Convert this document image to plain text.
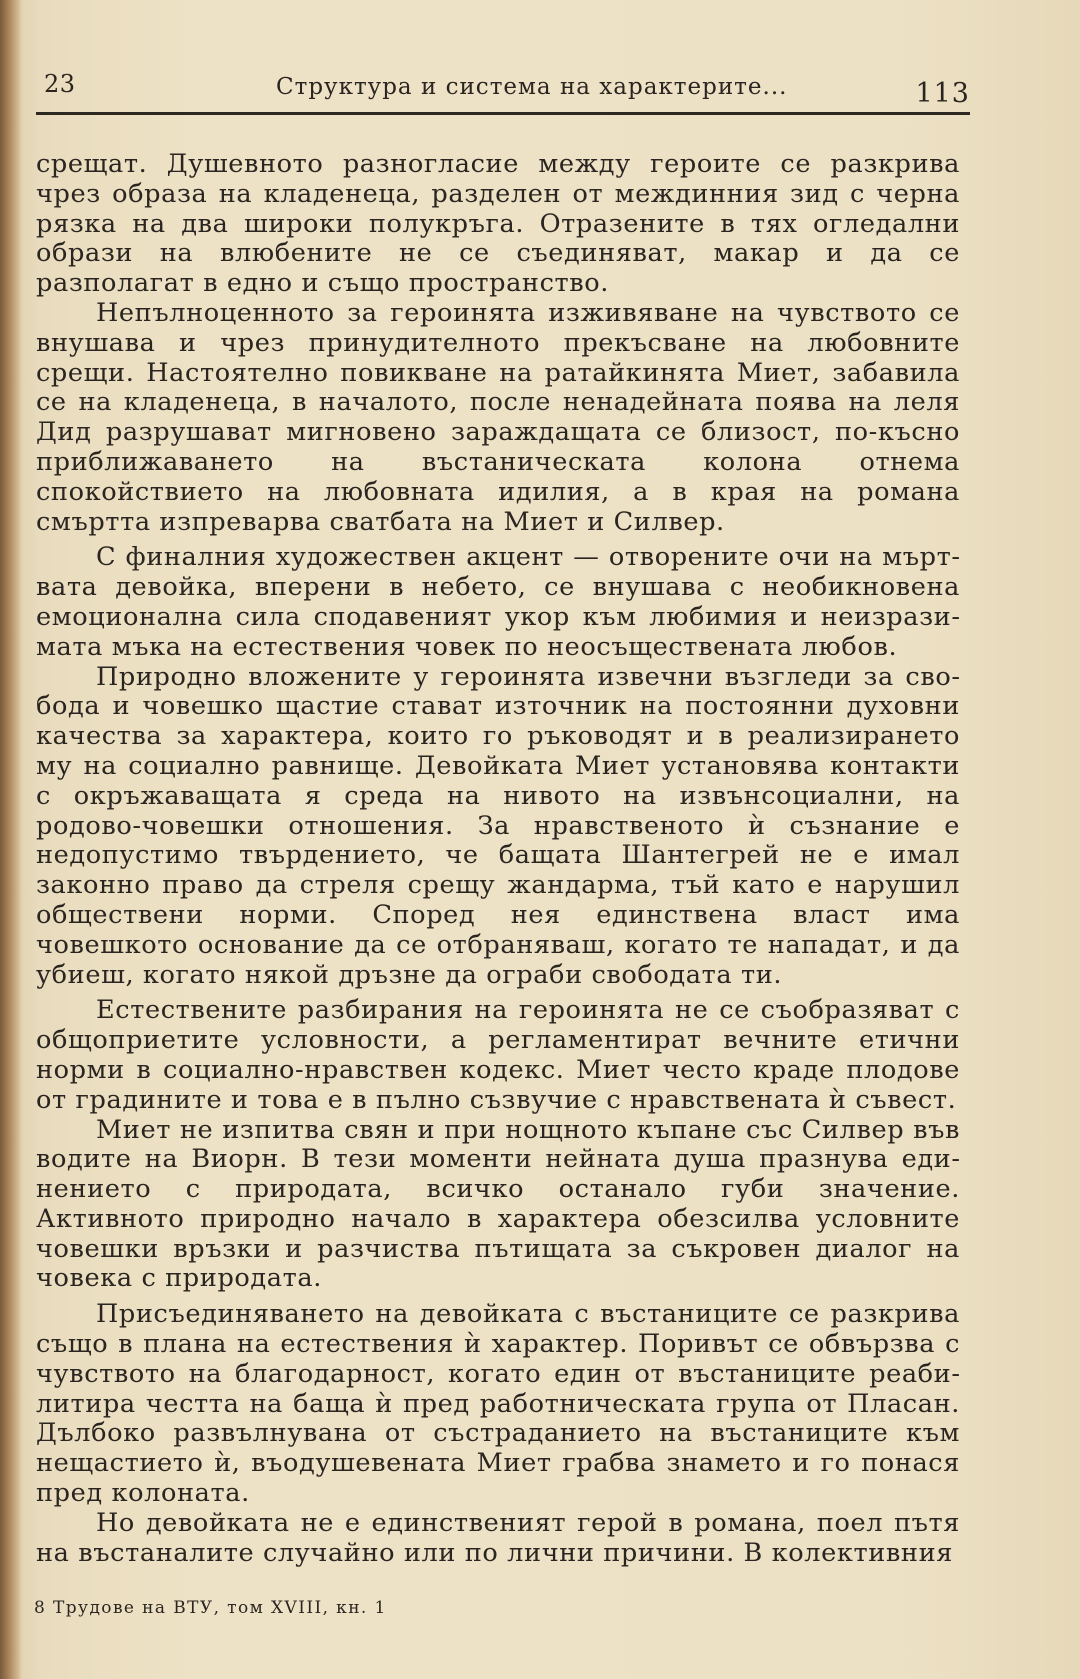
23	Структура и система на характерите...	113

срещат. Душевното разногласие между героите се разкрива чрез образа на кладенеца, разделен от междинния зид с черна рязка на два широки полукръга. Отразените в тях огледални образи на влюбените не се съединяват, макар и да се разполагат в едно и също пространство.

Непълноценното за героинята изживяване на чувството се внушава и чрез принудителното прекъсване на любовните срещи. Настоятелно повикване на ратайкинята Миет, забавила се на кладенеца, в началото, после ненадейната поява на леля Дид разрушават мигновено зараждащата се близост, по-късно приближаването на въстаническата колона отнема спокойствието на любовната идилия, а в края на романа смъртта изпреварва сватбата на Миет и Силвер.

С финалния художествен акцент — отворените очи на мъртвата девойка, вперени в небето, се внушава с необикновена емоционална сила сподавеният укор към любимия и неизразимата мъка на естествения човек по неосъществената любов.

Природно вложените у героинята извечни възгледи за свобода и човешко щастие стават източник на постоянни духовни качества за характера, които го ръководят и в реализирането му на социално равнище. Девойката Миет установява контакти с окръжаващата я среда на нивото на извънсоциални, на родово-човешки отношения. За нравственото ѝ съзнание е недопустимо твърдението, че бащата Шантегрей не е имал законно право да стреля срещу жандарма, тъй като е нарушил обществени норми. Според нея единствена власт има човешкото основание да се отбраняваш, когато те нападат, и да убиеш, когато някой дръзне да ограби свободата ти.

Естествените разбирания на героинята не се съобразяват с общоприетите условности, а регламентират вечните етични норми в социално-нравствен кодекс. Миет често краде плодове от градините и това е в пълно съзвучие с нравствената ѝ съвест.

Миет не изпитва свян и при нощното къпане със Силвер във водите на Виорн. В тези моменти нейната душа празнува единението с природата, всичко останало губи значение. Активното природно начало в характера обезсилва условните човешки връзки и разчиства пътищата за съкровен диалог на човека с природата.

Присъединяването на девойката с въстаниците се разкрива също в плана на естествения ѝ характер. Поривът се обвързва с чувството на благодарност, когато един от въстаниците реабилитира честта на баща ѝ пред работническата група от Пласан. Дълбоко развълнувана от състраданието на въстаниците към нещастието ѝ, въодушевената Миет грабва знамето и го понася пред колоната.

Но девойката не е единственият герой в романа, поел пътя на въстаналите случайно или по лични причини. В колективния

8 Трудове на ВТУ, том XVIII, кн. 1
